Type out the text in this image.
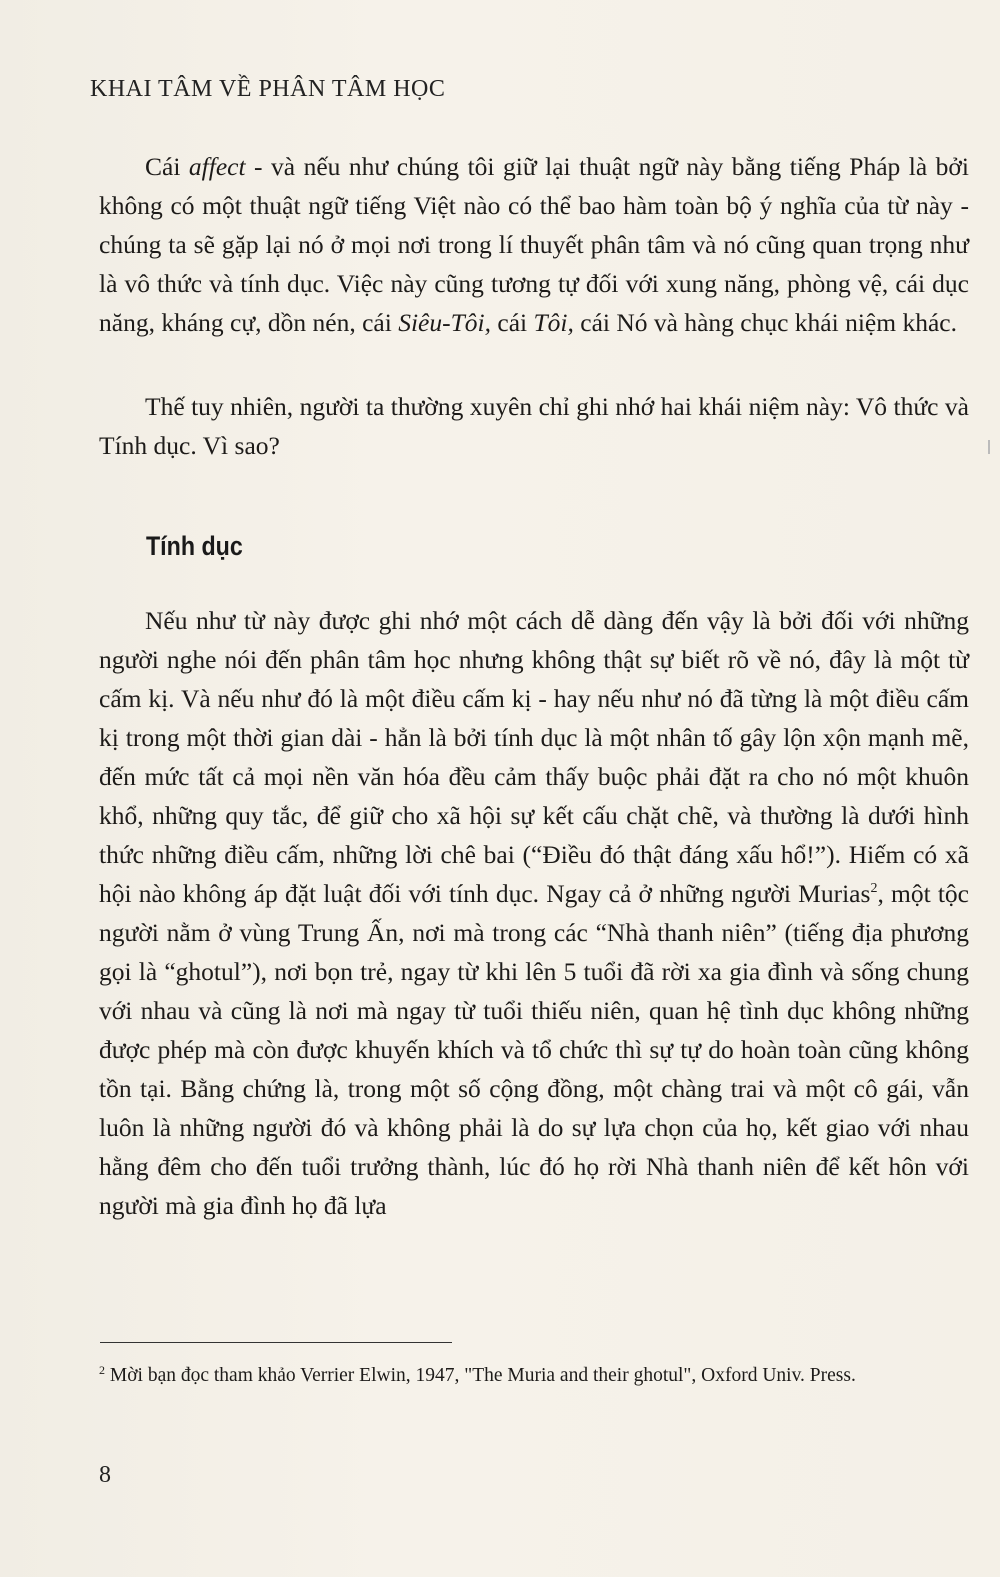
KHAI TÂM VỀ PHÂN TÂM HỌC

Cái affect - và nếu như chúng tôi giữ lại thuật ngữ này bằng tiếng Pháp là bởi không có một thuật ngữ tiếng Việt nào có thể bao hàm toàn bộ ý nghĩa của từ này - chúng ta sẽ gặp lại nó ở mọi nơi trong lí thuyết phân tâm và nó cũng quan trọng như là vô thức và tính dục. Việc này cũng tương tự đối với xung năng, phòng vệ, cái dục năng, kháng cự, dồn nén, cái Siêu-Tôi, cái Tôi, cái Nó và hàng chục khái niệm khác.

Thế tuy nhiên, người ta thường xuyên chỉ ghi nhớ hai khái niệm này: Vô thức và Tính dục. Vì sao?

Tính dục

Nếu như từ này được ghi nhớ một cách dễ dàng đến vậy là bởi đối với những người nghe nói đến phân tâm học nhưng không thật sự biết rõ về nó, đây là một từ cấm kị. Và nếu như đó là một điều cấm kị - hay nếu như nó đã từng là một điều cấm kị trong một thời gian dài - hẳn là bởi tính dục là một nhân tố gây lộn xộn mạnh mẽ, đến mức tất cả mọi nền văn hóa đều cảm thấy buộc phải đặt ra cho nó một khuôn khổ, những quy tắc, để giữ cho xã hội sự kết cấu chặt chẽ, và thường là dưới hình thức những điều cấm, những lời chê bai (“Điều đó thật đáng xấu hổ!”). Hiếm có xã hội nào không áp đặt luật đối với tính dục. Ngay cả ở những người Murias$^2$, một tộc người nằm ở vùng Trung Ấn, nơi mà trong các “Nhà thanh niên” (tiếng địa phương gọi là “ghotul”), nơi bọn trẻ, ngay từ khi lên 5 tuổi đã rời xa gia đình và sống chung với nhau và cũng là nơi mà ngay từ tuổi thiếu niên, quan hệ tình dục không những được phép mà còn được khuyến khích và tổ chức thì sự tự do hoàn toàn cũng không tồn tại. Bằng chứng là, trong một số cộng đồng, một chàng trai và một cô gái, vẫn luôn là những người đó và không phải là do sự lựa chọn của họ, kết giao với nhau hằng đêm cho đến tuổi trưởng thành, lúc đó họ rời Nhà thanh niên để kết hôn với người mà gia đình họ đã lựa

$^2$ Mời bạn đọc tham khảo Verrier Elwin, 1947, "The Muria and their ghotul", Oxford Univ. Press.

8
